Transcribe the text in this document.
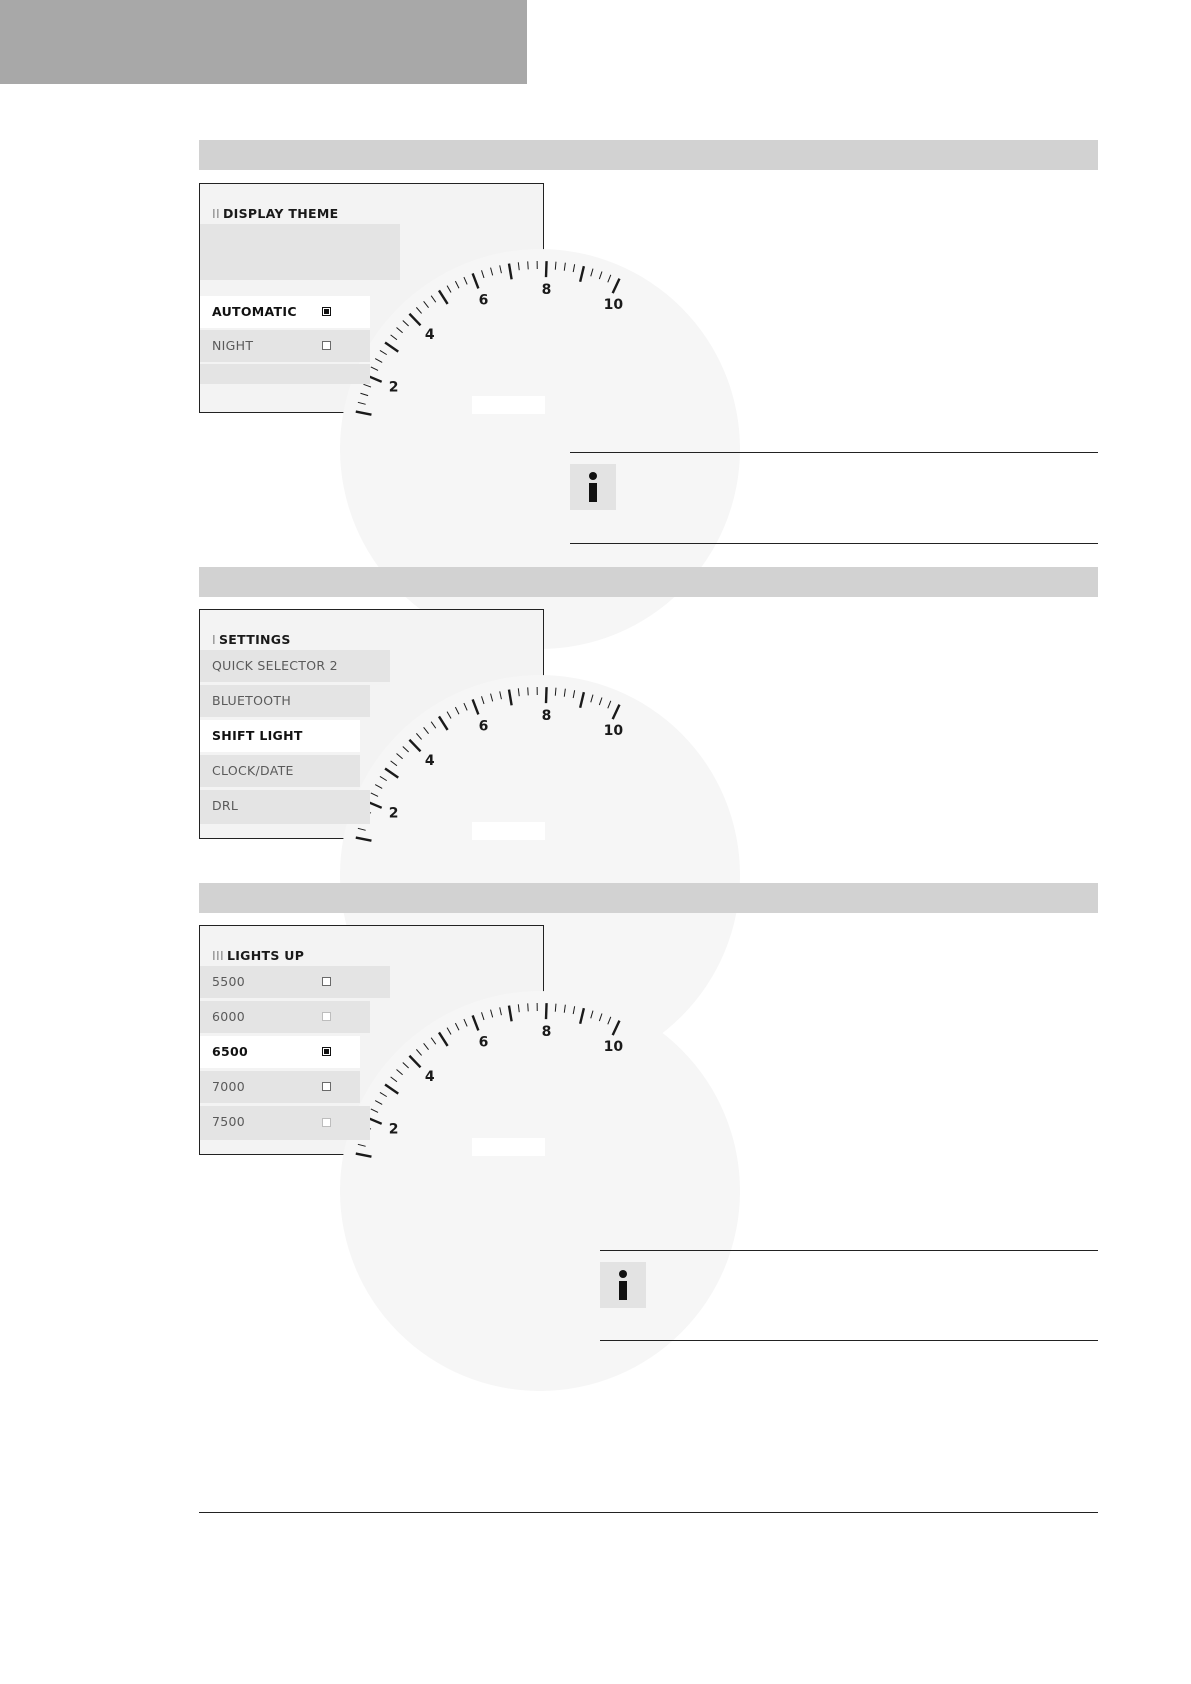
2
4
6
8
10
II DISPLAY THEME
AUTOMATIC
NIGHT
2
4
6
8
10
I SETTINGS
QUICK SELECTOR 2
BLUETOOTH
SHIFT LIGHT
CLOCK/DATE
DRL
2
4
6
8
10
III LIGHTS UP
5500
6000
6500
7000
7500
